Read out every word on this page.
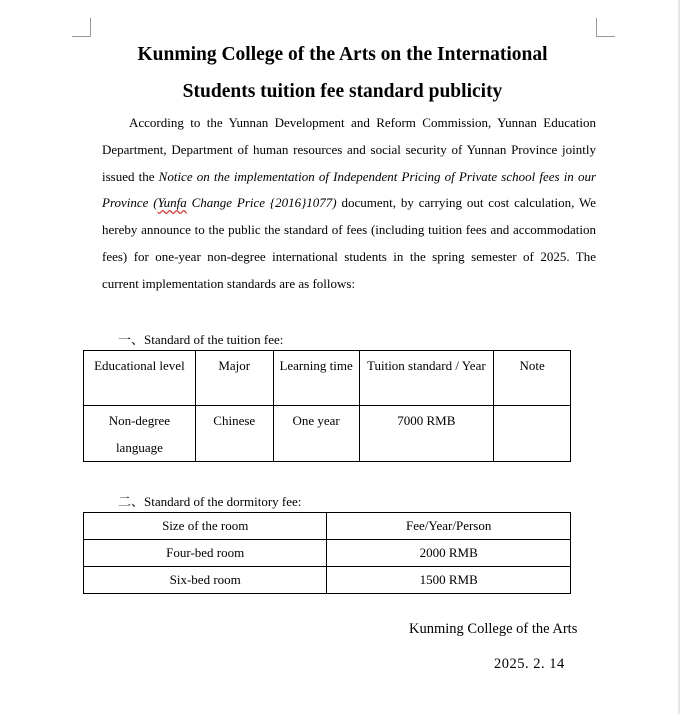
Kunming College of the Arts on the International
Students tuition fee standard publicity

According to the Yunnan Development and Reform Commission, Yunnan Education Department, Department of human resources and social security of Yunnan Province jointly issued the Notice on the implementation of Independent Pricing of Private school fees in our Province (Yunfa Change Price {2016}1077) document, by carrying out cost calculation, We hereby announce to the public the standard of fees (including tuition fees and accommodation fees) for one-year non-degree international students in the spring semester of 2025. The current implementation standards are as follows:

一、Standard of the tuition fee:

Educational level	Major	Learning time	Tuition standard / Year	Note
Non-degree language	Chinese	One year	7000 RMB	

二、Standard of the dormitory fee:

Size of the room	Fee/Year/Person
Four-bed room	2000 RMB
Six-bed room	1500 RMB

Kunming College of the Arts

2025. 2. 14
